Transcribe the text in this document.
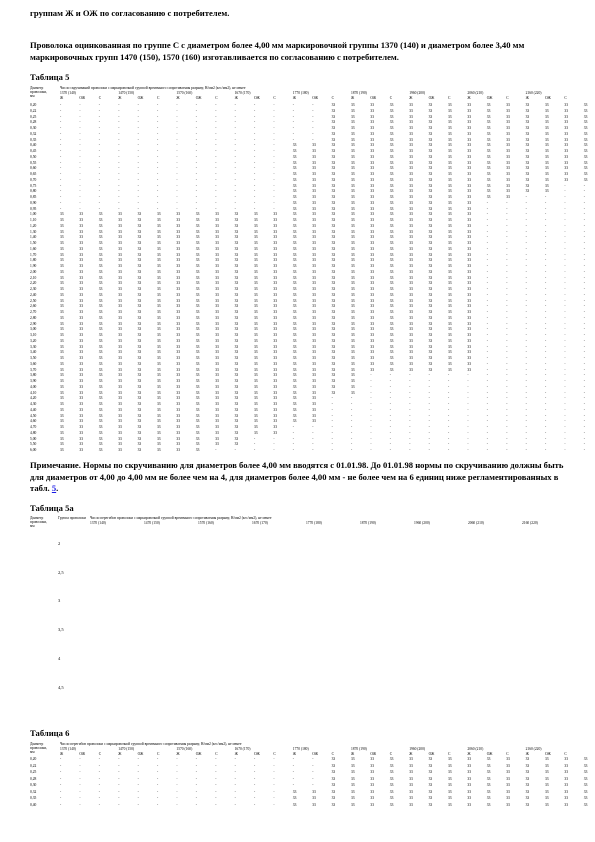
группам Ж и ОЖ по согласованию с потребителем.
Проволока оцинкованная по группе С с диаметром более 4,00 мм маркировочной группы 1370 (140) и диаметром более 3,40 мм маркировочных групп 1470 (150), 1570 (160) изготавливается по согласованию с потребителем.
Таблица 5
Диаметр проволоки, мм
Число скручиваний проволоки с маркировочной группой временного сопротивления разрыву, Н/мм2 (кгс/мм2), не менее
1370 (140)
Ж	ОЖ	С
1470 (150)
Ж	ОЖ	С
1570 (160)
Ж	ОЖ	С
1670 (170)
Ж	ОЖ	С
1770 (180)
Ж	ОЖ	С
1870 (190)
Ж	ОЖ	С
1960 (200)
Ж	ОЖ	С
2060 (210)
Ж	ОЖ	С
2160 (220)
Ж	ОЖ	С
0,20	-	-	-	-	-	-	-	-	-	-	-	-	-	-	33	33	33	33	33	33	33	33	33	33	33	33	33	33
0,22	-	-	-	-	-	-	-	-	-	-	-	-	-	-	33	33	33	33	33	33	33	33	33	33	33	33	33	33
0,25	-	-	-	-	-	-	-	-	-	-	-	-	-	-	33	33	33	33	33	33	33	33	33	33	33	33	33	33
0,28	-	-	-	-	-	-	-	-	-	-	-	-	-	-	33	33	33	33	33	33	33	33	33	33	33	33	33	33
0,30	-	-	-	-	-	-	-	-	-	-	-	-	-	-	33	33	33	33	33	33	33	33	33	33	33	33	33	33
0,32	-	-	-	-	-	-	-	-	-	-	-	-	-	-	33	33	33	33	33	33	33	33	33	33	33	33	33	33
0,35	-	-	-	-	-	-	-	-	-	-	-	-	-	-	33	33	33	33	33	33	33	33	33	33	33	33	33	33
0,40	-	-	-	-	-	-	-	-	-	-	-	-	33	33	33	33	33	33	33	33	33	33	33	33	33	33	33	33
0,45	-	-	-	-	-	-	-	-	-	-	-	-	33	33	33	33	33	33	33	33	33	33	33	33	33	33	33	33
0,50	-	-	-	-	-	-	-	-	-	-	-	-	33	33	33	33	33	33	33	33	33	33	33	33	33	33	33	33
0,55	-	-	-	-	-	-	-	-	-	-	-	-	33	33	33	33	33	33	33	33	33	33	33	33	33	33	33	33
0,60	-	-	-	-	-	-	-	-	-	-	-	-	33	33	33	33	33	33	33	33	33	33	33	33	33	33	33	33
0,65	-	-	-	-	-	-	-	-	-	-	-	-	33	33	33	33	33	33	33	33	33	33	33	33	33	33	33	33
0,70	-	-	-	-	-	-	-	-	-	-	-	-	33	33	33	33	33	33	33	33	33	33	33	33	33	33	33	33
0,75	-	-	-	-	-	-	-	-	-	-	-	-	33	33	33	33	33	33	33	33	33	33	33	33	33	33	-	-
0,80	-	-	-	-	-	-	-	-	-	-	-	-	33	33	33	33	33	33	33	33	33	33	33	33	33	33	-	-
0,85	-	-	-	-	-	-	-	-	-	-	-	-	33	33	33	33	33	33	33	33	33	33	33	33	-	-	-	-
0,90	-	-	-	-	-	-	-	-	-	-	-	-	33	33	33	33	33	33	33	33	33	33	-	-	-	-	-	-
0,95	-	-	-	-	-	-	-	-	-	-	-	-	33	33	33	33	33	33	33	33	33	33	-	-	-	-	-	-
1,00	33	33	33	33	33	33	33	33	33	33	33	33	33	33	33	33	33	33	33	33	33	33	-	-	-	-	-	-
1,10	33	33	33	33	33	33	33	33	33	33	33	33	33	33	33	33	33	33	33	33	33	33	-	-	-	-	-	-
1,20	33	33	33	33	33	33	33	33	33	33	33	33	33	33	33	33	33	33	33	33	33	33	-	-	-	-	-	-
1,30	33	33	33	33	33	33	33	33	33	33	33	33	33	33	33	33	33	33	33	33	33	33	-	-	-	-	-	-
1,40	33	33	33	33	33	33	33	33	33	33	33	33	33	33	33	33	33	33	33	33	33	33	-	-	-	-	-	-
1,50	33	33	33	33	33	33	33	33	33	33	33	33	33	33	33	33	33	33	33	33	33	33	-	-	-	-	-	-
1,60	33	33	33	33	33	33	33	33	33	33	33	33	33	33	33	33	33	33	33	33	33	33	-	-	-	-	-	-
1,70	33	33	33	33	33	33	33	33	33	33	33	33	33	33	33	33	33	33	33	33	33	33	-	-	-	-	-	-
1,80	33	33	33	33	33	33	33	33	33	33	33	33	33	33	33	33	33	33	33	33	33	33	-	-	-	-	-	-
1,90	33	33	33	33	33	33	33	33	33	33	33	33	33	33	33	33	33	33	33	33	33	33	-	-	-	-	-	-
2,00	33	33	33	33	33	33	33	33	33	33	33	33	33	33	33	33	33	33	33	33	33	33	-	-	-	-	-	-
2,10	33	33	33	33	33	33	33	33	33	33	33	33	33	33	33	33	33	33	33	33	33	33	-	-	-	-	-	-
2,20	33	33	33	33	33	33	33	33	33	33	33	33	33	33	33	33	33	33	33	33	33	33	-	-	-	-	-	-
2,30	33	33	33	33	33	33	33	33	33	33	33	33	33	33	33	33	33	33	33	33	33	33	-	-	-	-	-	-
2,40	33	33	33	33	33	33	33	33	33	33	33	33	33	33	33	33	33	33	33	33	33	33	-	-	-	-	-	-
2,50	33	33	33	33	33	33	33	33	33	33	33	33	33	33	33	33	33	33	33	33	33	33	-	-	-	-	-	-
2,60	33	33	33	33	33	33	33	33	33	33	33	33	33	33	33	33	33	33	33	33	33	33	-	-	-	-	-	-
2,70	33	33	33	33	33	33	33	33	33	33	33	33	33	33	33	33	33	33	33	33	33	33	-	-	-	-	-	-
2,80	33	33	33	33	33	33	33	33	33	33	33	33	33	33	33	33	33	33	33	33	33	33	-	-	-	-	-	-
2,90	33	33	33	33	33	33	33	33	33	33	33	33	33	33	33	33	33	33	33	33	33	33	-	-	-	-	-	-
3,00	33	33	33	33	33	33	33	33	33	33	33	33	33	33	33	33	33	33	33	33	33	33	-	-	-	-	-	-
3,10	33	33	33	33	33	33	33	33	33	33	33	33	33	33	33	33	33	33	33	33	33	33	-	-	-	-	-	-
3,20	33	33	33	33	33	33	33	33	33	33	33	33	33	33	33	33	33	33	33	33	33	33	-	-	-	-	-	-
3,30	33	33	33	33	33	33	33	33	33	33	33	33	33	33	33	33	33	33	33	33	33	33	-	-	-	-	-	-
3,40	33	33	33	33	33	33	33	33	33	33	33	33	33	33	33	33	33	33	33	33	33	33	-	-	-	-	-	-
3,50	33	33	33	33	33	33	33	33	33	33	33	33	33	33	33	33	33	33	33	33	33	33	-	-	-	-	-	-
3,60	33	33	33	33	33	33	33	33	33	33	33	33	33	33	33	33	33	33	33	33	33	33	-	-	-	-	-	-
3,70	33	33	33	33	33	33	33	33	33	33	33	33	33	33	33	33	33	33	33	33	33	33	-	-	-	-	-	-
3,80	33	33	33	33	33	33	33	33	33	33	33	33	33	33	33	33	-	-	-	-	-	-	-	-	-	-	-	-
3,90	33	33	33	33	33	33	33	33	33	33	33	33	33	33	33	33	-	-	-	-	-	-	-	-	-	-	-	-
4,00	33	33	33	33	33	33	33	33	33	33	33	33	33	33	33	33	-	-	-	-	-	-	-	-	-	-	-	-
4,10	33	33	33	33	33	33	33	33	33	33	33	33	33	33	33	33	-	-	-	-	-	-	-	-	-	-	-	-
4,20	33	33	33	33	33	33	33	33	33	33	33	33	33	33	-	-	-	-	-	-	-	-	-	-	-	-	-	-
4,30	33	33	33	33	33	33	33	33	33	33	33	33	33	33	-	-	-	-	-	-	-	-	-	-	-	-	-	-
4,40	33	33	33	33	33	33	33	33	33	33	33	33	33	33	-	-	-	-	-	-	-	-	-	-	-	-	-	-
4,50	33	33	33	33	33	33	33	33	33	33	33	33	33	33	-	-	-	-	-	-	-	-	-	-	-	-	-	-
4,60	33	33	33	33	33	33	33	33	33	33	33	33	33	33	-	-	-	-	-	-	-	-	-	-	-	-	-	-
4,70	33	33	33	33	33	33	33	33	33	33	33	33	-	-	-	-	-	-	-	-	-	-	-	-	-	-	-	-
4,80	33	33	33	33	33	33	33	33	33	33	33	33	-	-	-	-	-	-	-	-	-	-	-	-	-	-	-	-
5,00	33	33	33	33	33	33	33	33	33	33	-	-	-	-	-	-	-	-	-	-	-	-	-	-	-	-	-	-
5,50	33	33	33	33	33	33	33	33	33	33	-	-	-	-	-	-	-	-	-	-	-	-	-	-	-	-	-	-
6,00	33	33	33	33	33	33	33	33	-	-	-	-	-	-	-	-	-	-	-	-	-	-	-	-	-	-	-	-
Примечание. Нормы по скручиванию для диаметров более 4,00 мм вводятся с 01.01.98. До 01.01.98 нормы по скручиванию должны быть для диаметров от 4,00 до 4,00 мм не более чем на 4, для диаметров более 4,00 мм - не более чем на 6 единиц ниже регламентированных в табл. 5.
Таблица 5а
Диаметр проволоки, мм
Группа проволоки Число перегибов проволоки с маркировочной группой временного сопротивления разрыву, Н/мм2 (кгс/мм2), не менее
1370 (140)	1470 (150)	1570 (160)	1670 (170)	1770 (180)	1870 (190)	1960 (200)	2060 (210)	2160 (220)
2
2,5
3
3,5
4
4,5
Таблица 6
Диаметр проволоки, мм
Число перегибов проволоки с маркировочной группой временного сопротивления разрыву, Н/мм2 (кгс/мм2), не менее
1370 (140)
Ж	ОЖ	С
1470 (150)
Ж	ОЖ	С
1570 (160)
Ж	ОЖ	С
1670 (170)
Ж	ОЖ	С
1770 (180)
Ж	ОЖ	С
1870 (190)
Ж	ОЖ	С
1960 (200)
Ж	ОЖ	С
2060 (210)
Ж	ОЖ	С
2160 (220)
Ж	ОЖ	С
0,20	-	-	-	-	-	-	-	-	-	-	-	-	-	-	33	33	33	33	33	33	33	33	33	33	33	33	33	33
0,22	-	-	-	-	-	-	-	-	-	-	-	-	-	-	33	33	33	33	33	33	33	33	33	33	33	33	33	33
0,25	-	-	-	-	-	-	-	-	-	-	-	-	-	-	33	33	33	33	33	33	33	33	33	33	33	33	33	33
0,28	-	-	-	-	-	-	-	-	-	-	-	-	-	-	33	33	33	33	33	33	33	33	33	33	33	33	33	33
0,30	-	-	-	-	-	-	-	-	-	-	-	-	-	-	33	33	33	33	33	33	33	33	33	33	33	33	33	33
0,32	-	-	-	-	-	-	-	-	-	-	-	-	33	33	33	33	33	33	33	33	33	33	33	33	33	33	33	33
0,35	-	-	-	-	-	-	-	-	-	-	-	-	33	33	33	33	33	33	33	33	33	33	33	33	33	33	33	33
0,40	-	-	-	-	-	-	-	-	-	-	-	-	33	33	33	33	33	33	33	33	33	33	33	33	33	33	33	33
